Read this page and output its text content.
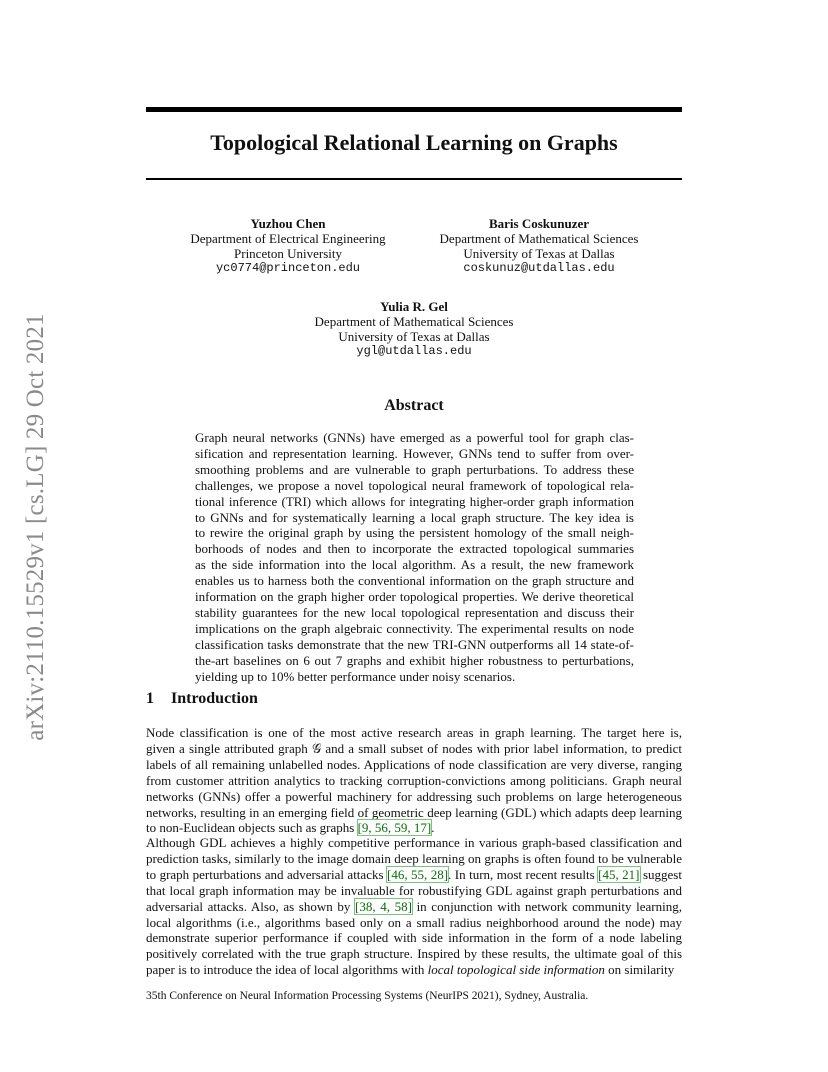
arXiv:2110.15529v1 [cs.LG] 29 Oct 2021
Topological Relational Learning on Graphs
Yuzhou Chen
Department of Electrical Engineering
Princeton University
yc0774@princeton.edu
Baris Coskunuzer
Department of Mathematical Sciences
University of Texas at Dallas
coskunuz@utdallas.edu
Yulia R. Gel
Department of Mathematical Sciences
University of Texas at Dallas
ygl@utdallas.edu
Abstract
Graph neural networks (GNNs) have emerged as a powerful tool for graph clas-
sification and representation learning. However, GNNs tend to suffer from over-
smoothing problems and are vulnerable to graph perturbations. To address these
challenges, we propose a novel topological neural framework of topological rela-
tional inference (TRI) which allows for integrating higher-order graph information
to GNNs and for systematically learning a local graph structure. The key idea is
to rewire the original graph by using the persistent homology of the small neigh-
borhoods of nodes and then to incorporate the extracted topological summaries
as the side information into the local algorithm. As a result, the new framework
enables us to harness both the conventional information on the graph structure and
information on the graph higher order topological properties. We derive theoretical
stability guarantees for the new local topological representation and discuss their
implications on the graph algebraic connectivity. The experimental results on node
classification tasks demonstrate that the new TRI-GNN outperforms all 14 state-of-
the-art baselines on 6 out 7 graphs and exhibit higher robustness to perturbations,
yielding up to 10% better performance under noisy scenarios.
1 Introduction
Node classification is one of the most active research areas in graph learning. The target here is,
given a single attributed graph 𝒢 and a small subset of nodes with prior label information, to predict
labels of all remaining unlabelled nodes. Applications of node classification are very diverse, ranging
from customer attrition analytics to tracking corruption-convictions among politicians. Graph neural
networks (GNNs) offer a powerful machinery for addressing such problems on large heterogeneous
networks, resulting in an emerging field of geometric deep learning (GDL) which adapts deep learning
to non-Euclidean objects such as graphs [9, 56, 59, 17].
Although GDL achieves a highly competitive performance in various graph-based classification and
prediction tasks, similarly to the image domain deep learning on graphs is often found to be vulnerable
to graph perturbations and adversarial attacks [46, 55, 28]. In turn, most recent results [45, 21] suggest
that local graph information may be invaluable for robustifying GDL against graph perturbations and
adversarial attacks. Also, as shown by [38, 4, 58] in conjunction with network community learning,
local algorithms (i.e., algorithms based only on a small radius neighborhood around the node) may
demonstrate superior performance if coupled with side information in the form of a node labeling
positively correlated with the true graph structure. Inspired by these results, the ultimate goal of this
paper is to introduce the idea of local algorithms with local topological side information on similarity
35th Conference on Neural Information Processing Systems (NeurIPS 2021), Sydney, Australia.
